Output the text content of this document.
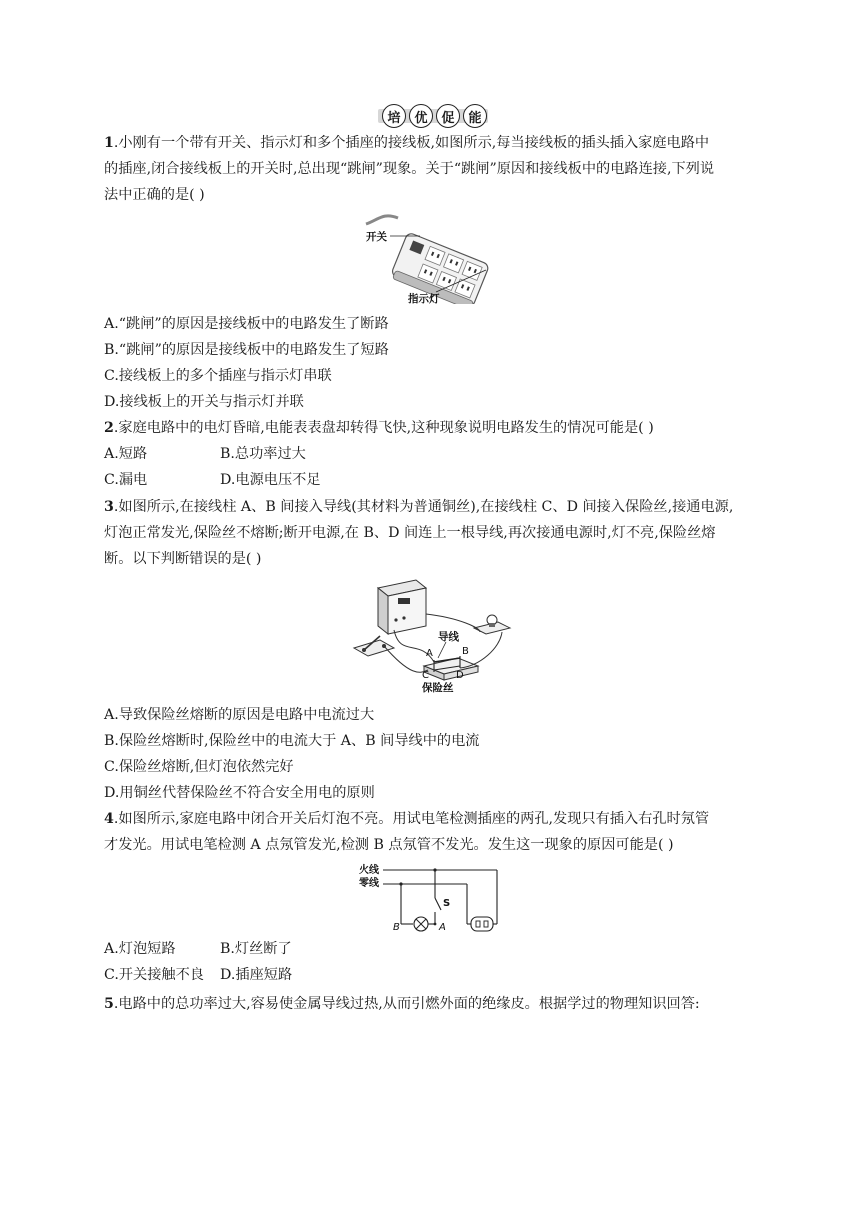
培	优	促	能
1.小刚有一个带有开关、指示灯和多个插座的接线板,如图所示,每当接线板的插头插入家庭电路中
的插座,闭合接线板上的开关时,总出现“跳闸”现象。关于“跳闸”原因和接线板中的电路连接,下列说
法中正确的是( )
开关
指示灯
A.“跳闸”的原因是接线板中的电路发生了断路
B.“跳闸”的原因是接线板中的电路发生了短路
C.接线板上的多个插座与指示灯串联
D.接线板上的开关与指示灯并联
2.家庭电路中的电灯昏暗,电能表表盘却转得飞快,这种现象说明电路发生的情况可能是( )
A.短路	B.总功率过大
C.漏电	D.电源电压不足
3.如图所示,在接线柱 A、B 间接入导线(其材料为普通铜丝),在接线柱 C、D 间接入保险丝,接通电源,
灯泡正常发光,保险丝不熔断;断开电源,在 B、D 间连上一根导线,再次接通电源时,灯不亮,保险丝熔
断。以下判断错误的是( )
导线
A	B
C	D
保险丝
A.导致保险丝熔断的原因是电路中电流过大
B.保险丝熔断时,保险丝中的电流大于 A、B 间导线中的电流
C.保险丝熔断,但灯泡依然完好
D.用铜丝代替保险丝不符合安全用电的原则
4.如图所示,家庭电路中闭合开关后灯泡不亮。用试电笔检测插座的两孔,发现只有插入右孔时氖管
才发光。用试电笔检测 A 点氖管发光,检测 B 点氖管不发光。发生这一现象的原因可能是( )
火线
零线
S
B	A
A.灯泡短路	B.灯丝断了
C.开关接触不良 D.插座短路
5.电路中的总功率过大,容易使金属导线过热,从而引燃外面的绝缘皮。根据学过的物理知识回答:
